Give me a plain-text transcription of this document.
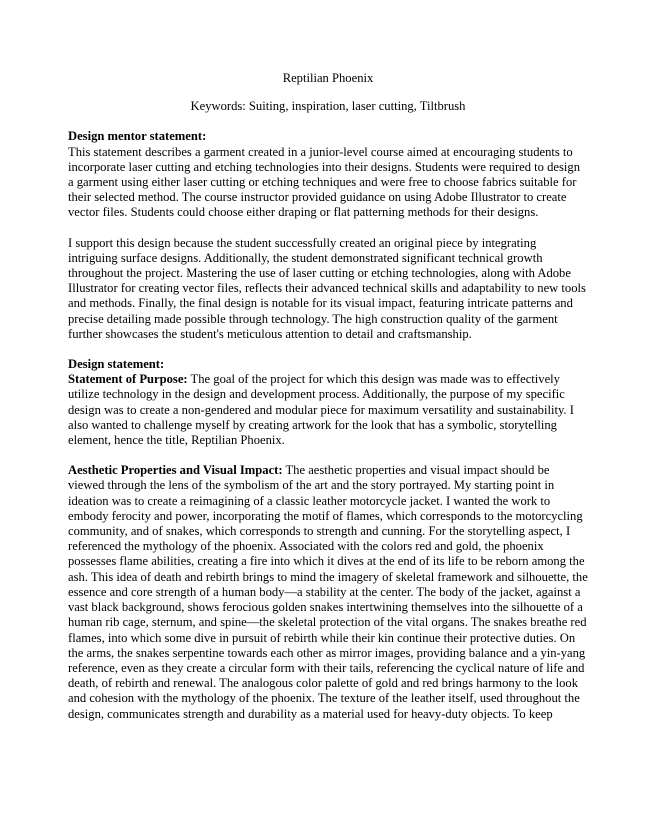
Reptilian Phoenix

Keywords: Suiting, inspiration, laser cutting, Tiltbrush

Design mentor statement:

This statement describes a garment created in a junior-level course aimed at encouraging students to incorporate laser cutting and etching technologies into their designs. Students were required to design a garment using either laser cutting or etching techniques and were free to choose fabrics suitable for their selected method. The course instructor provided guidance on using Adobe Illustrator to create vector files. Students could choose either draping or flat patterning methods for their designs.

I support this design because the student successfully created an original piece by integrating intriguing surface designs. Additionally, the student demonstrated significant technical growth throughout the project. Mastering the use of laser cutting or etching technologies, along with Adobe Illustrator for creating vector files, reflects their advanced technical skills and adaptability to new tools and methods. Finally, the final design is notable for its visual impact, featuring intricate patterns and precise detailing made possible through technology. The high construction quality of the garment further showcases the student's meticulous attention to detail and craftsmanship.

Design statement:

Statement of Purpose: The goal of the project for which this design was made was to effectively utilize technology in the design and development process. Additionally, the purpose of my specific design was to create a non-gendered and modular piece for maximum versatility and sustainability. I also wanted to challenge myself by creating artwork for the look that has a symbolic, storytelling element, hence the title, Reptilian Phoenix.

Aesthetic Properties and Visual Impact: The aesthetic properties and visual impact should be viewed through the lens of the symbolism of the art and the story portrayed. My starting point in ideation was to create a reimagining of a classic leather motorcycle jacket. I wanted the work to embody ferocity and power, incorporating the motif of flames, which corresponds to the motorcycling community, and of snakes, which corresponds to strength and cunning. For the storytelling aspect, I referenced the mythology of the phoenix. Associated with the colors red and gold, the phoenix possesses flame abilities, creating a fire into which it dives at the end of its life to be reborn among the ash. This idea of death and rebirth brings to mind the imagery of skeletal framework and silhouette, the essence and core strength of a human body—a stability at the center. The body of the jacket, against a vast black background, shows ferocious golden snakes intertwining themselves into the silhouette of a human rib cage, sternum, and spine—the skeletal protection of the vital organs. The snakes breathe red flames, into which some dive in pursuit of rebirth while their kin continue their protective duties. On the arms, the snakes serpentine towards each other as mirror images, providing balance and a yin-yang reference, even as they create a circular form with their tails, referencing the cyclical nature of life and death, of rebirth and renewal. The analogous color palette of gold and red brings harmony to the look and cohesion with the mythology of the phoenix. The texture of the leather itself, used throughout the design, communicates strength and durability as a material used for heavy-duty objects. To keep
